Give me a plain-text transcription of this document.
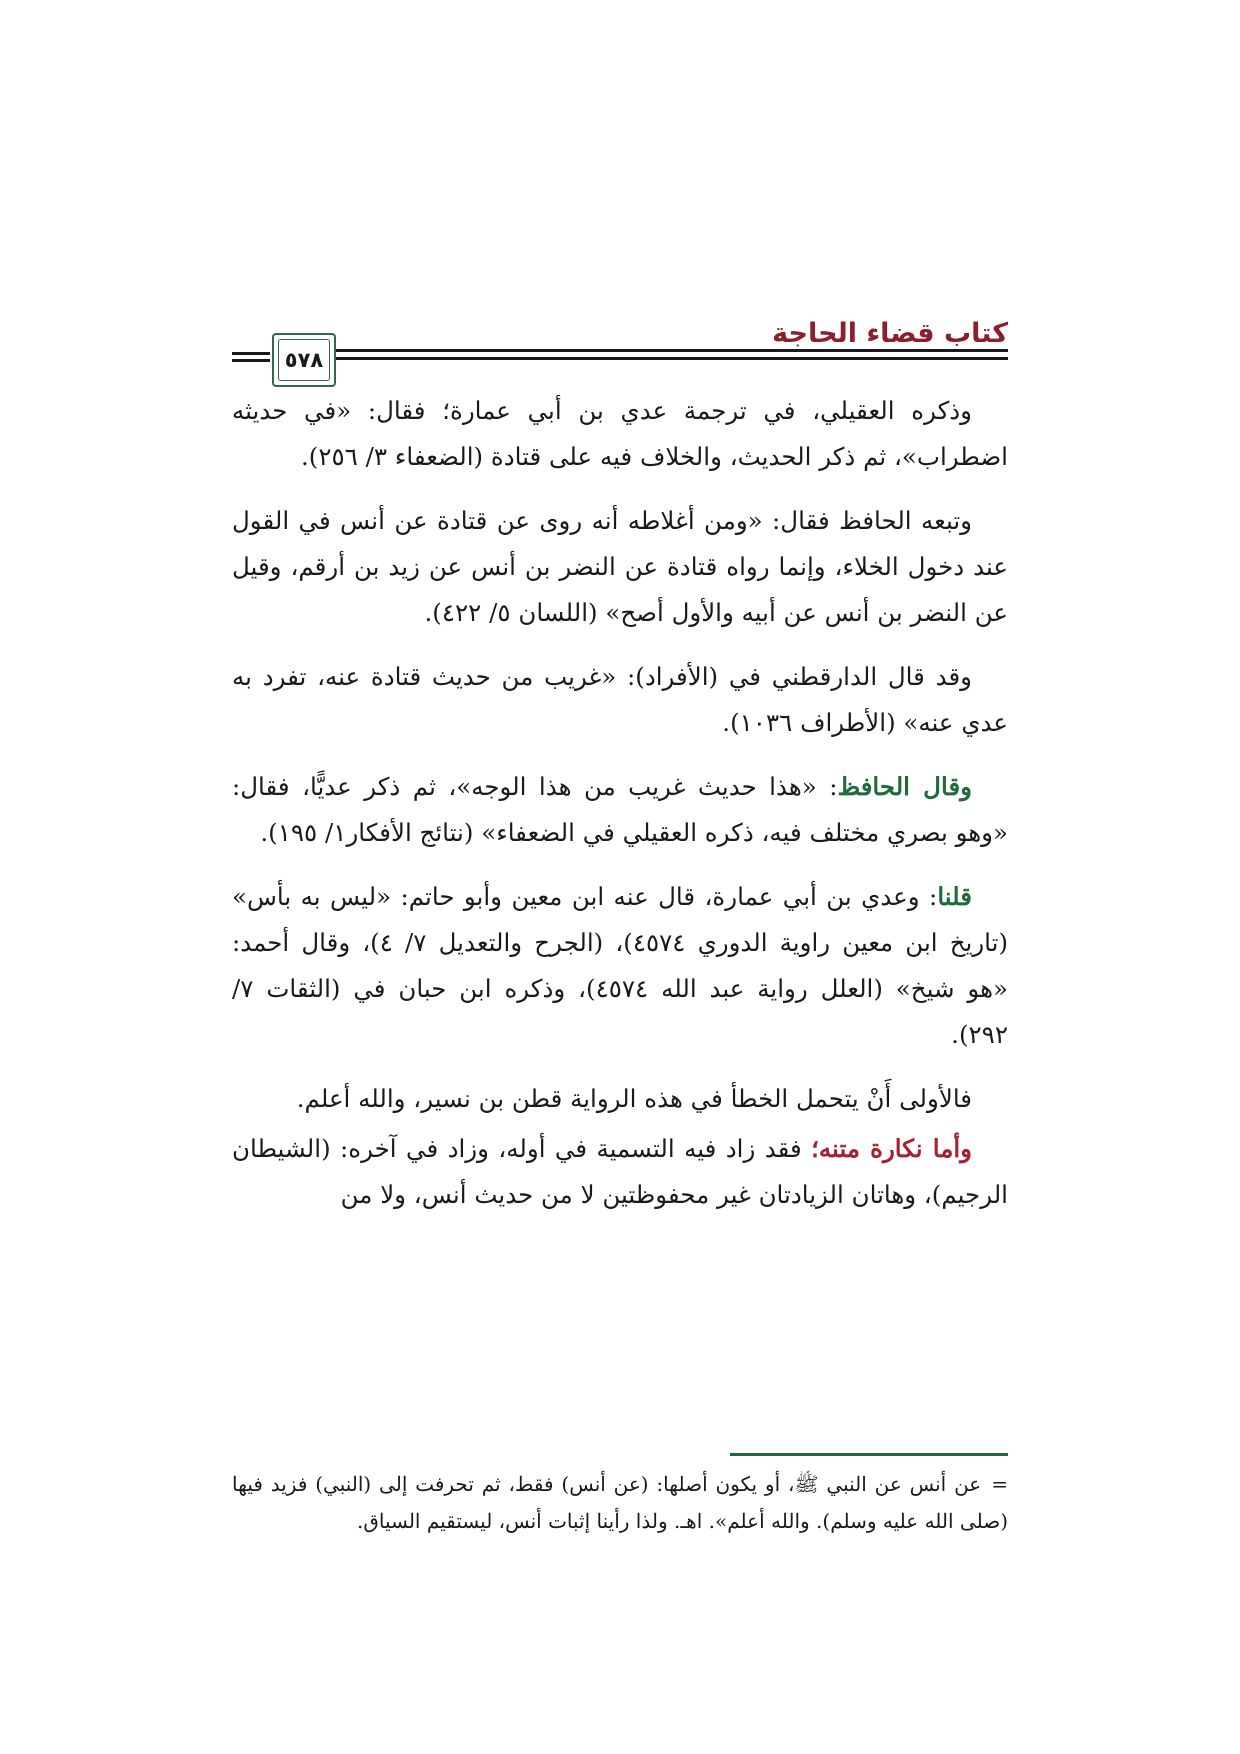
كتاب قضاء الحاجة
٥٧٨

وذكره العقيلي، في ترجمة عدي بن أبي عمارة؛ فقال: «في حديثه اضطراب»، ثم ذكر الحديث، والخلاف فيه على قتادة (الضعفاء ٣/ ٢٥٦).

وتبعه الحافظ فقال: «ومن أغلاطه أنه روى عن قتادة عن أنس في القول عند دخول الخلاء، وإنما رواه قتادة عن النضر بن أنس عن زيد بن أرقم، وقيل عن النضر بن أنس عن أبيه والأول أصح» (اللسان ٥/ ٤٢٢).

وقد قال الدارقطني في (الأفراد): «غريب من حديث قتادة عنه، تفرد به عدي عنه» (الأطراف ١٠٣٦).

وقال الحافظ: «هذا حديث غريب من هذا الوجه»، ثم ذكر عديًّا، فقال: «وهو بصري مختلف فيه، ذكره العقيلي في الضعفاء» (نتائج الأفكار١/ ١٩٥).

قلنا: وعدي بن أبي عمارة، قال عنه ابن معين وأبو حاتم: «ليس به بأس» (تاريخ ابن معين راوية الدوري ٤٥٧٤)، (الجرح والتعديل ٧/ ٤)، وقال أحمد: «هو شيخ» (العلل رواية عبد الله ٤٥٧٤)، وذكره ابن حبان في (الثقات ٧/ ٢٩٢).

فالأولى أَنْ يتحمل الخطأ في هذه الرواية قطن بن نسير، والله أعلم.

وأما نكارة متنه؛ فقد زاد فيه التسمية في أوله، وزاد في آخره: (الشيطان الرجيم)، وهاتان الزيادتان غير محفوظتين لا من حديث أنس، ولا من

=عن أنس عن النبي ﷺ، أو يكون أصلها: (عن أنس) فقط، ثم تحرفت إلى (النبي) فزيد فيها (صلى الله عليه وسلم). والله أعلم». اهـ. ولذا رأينا إثبات أنس، ليستقيم السياق.
